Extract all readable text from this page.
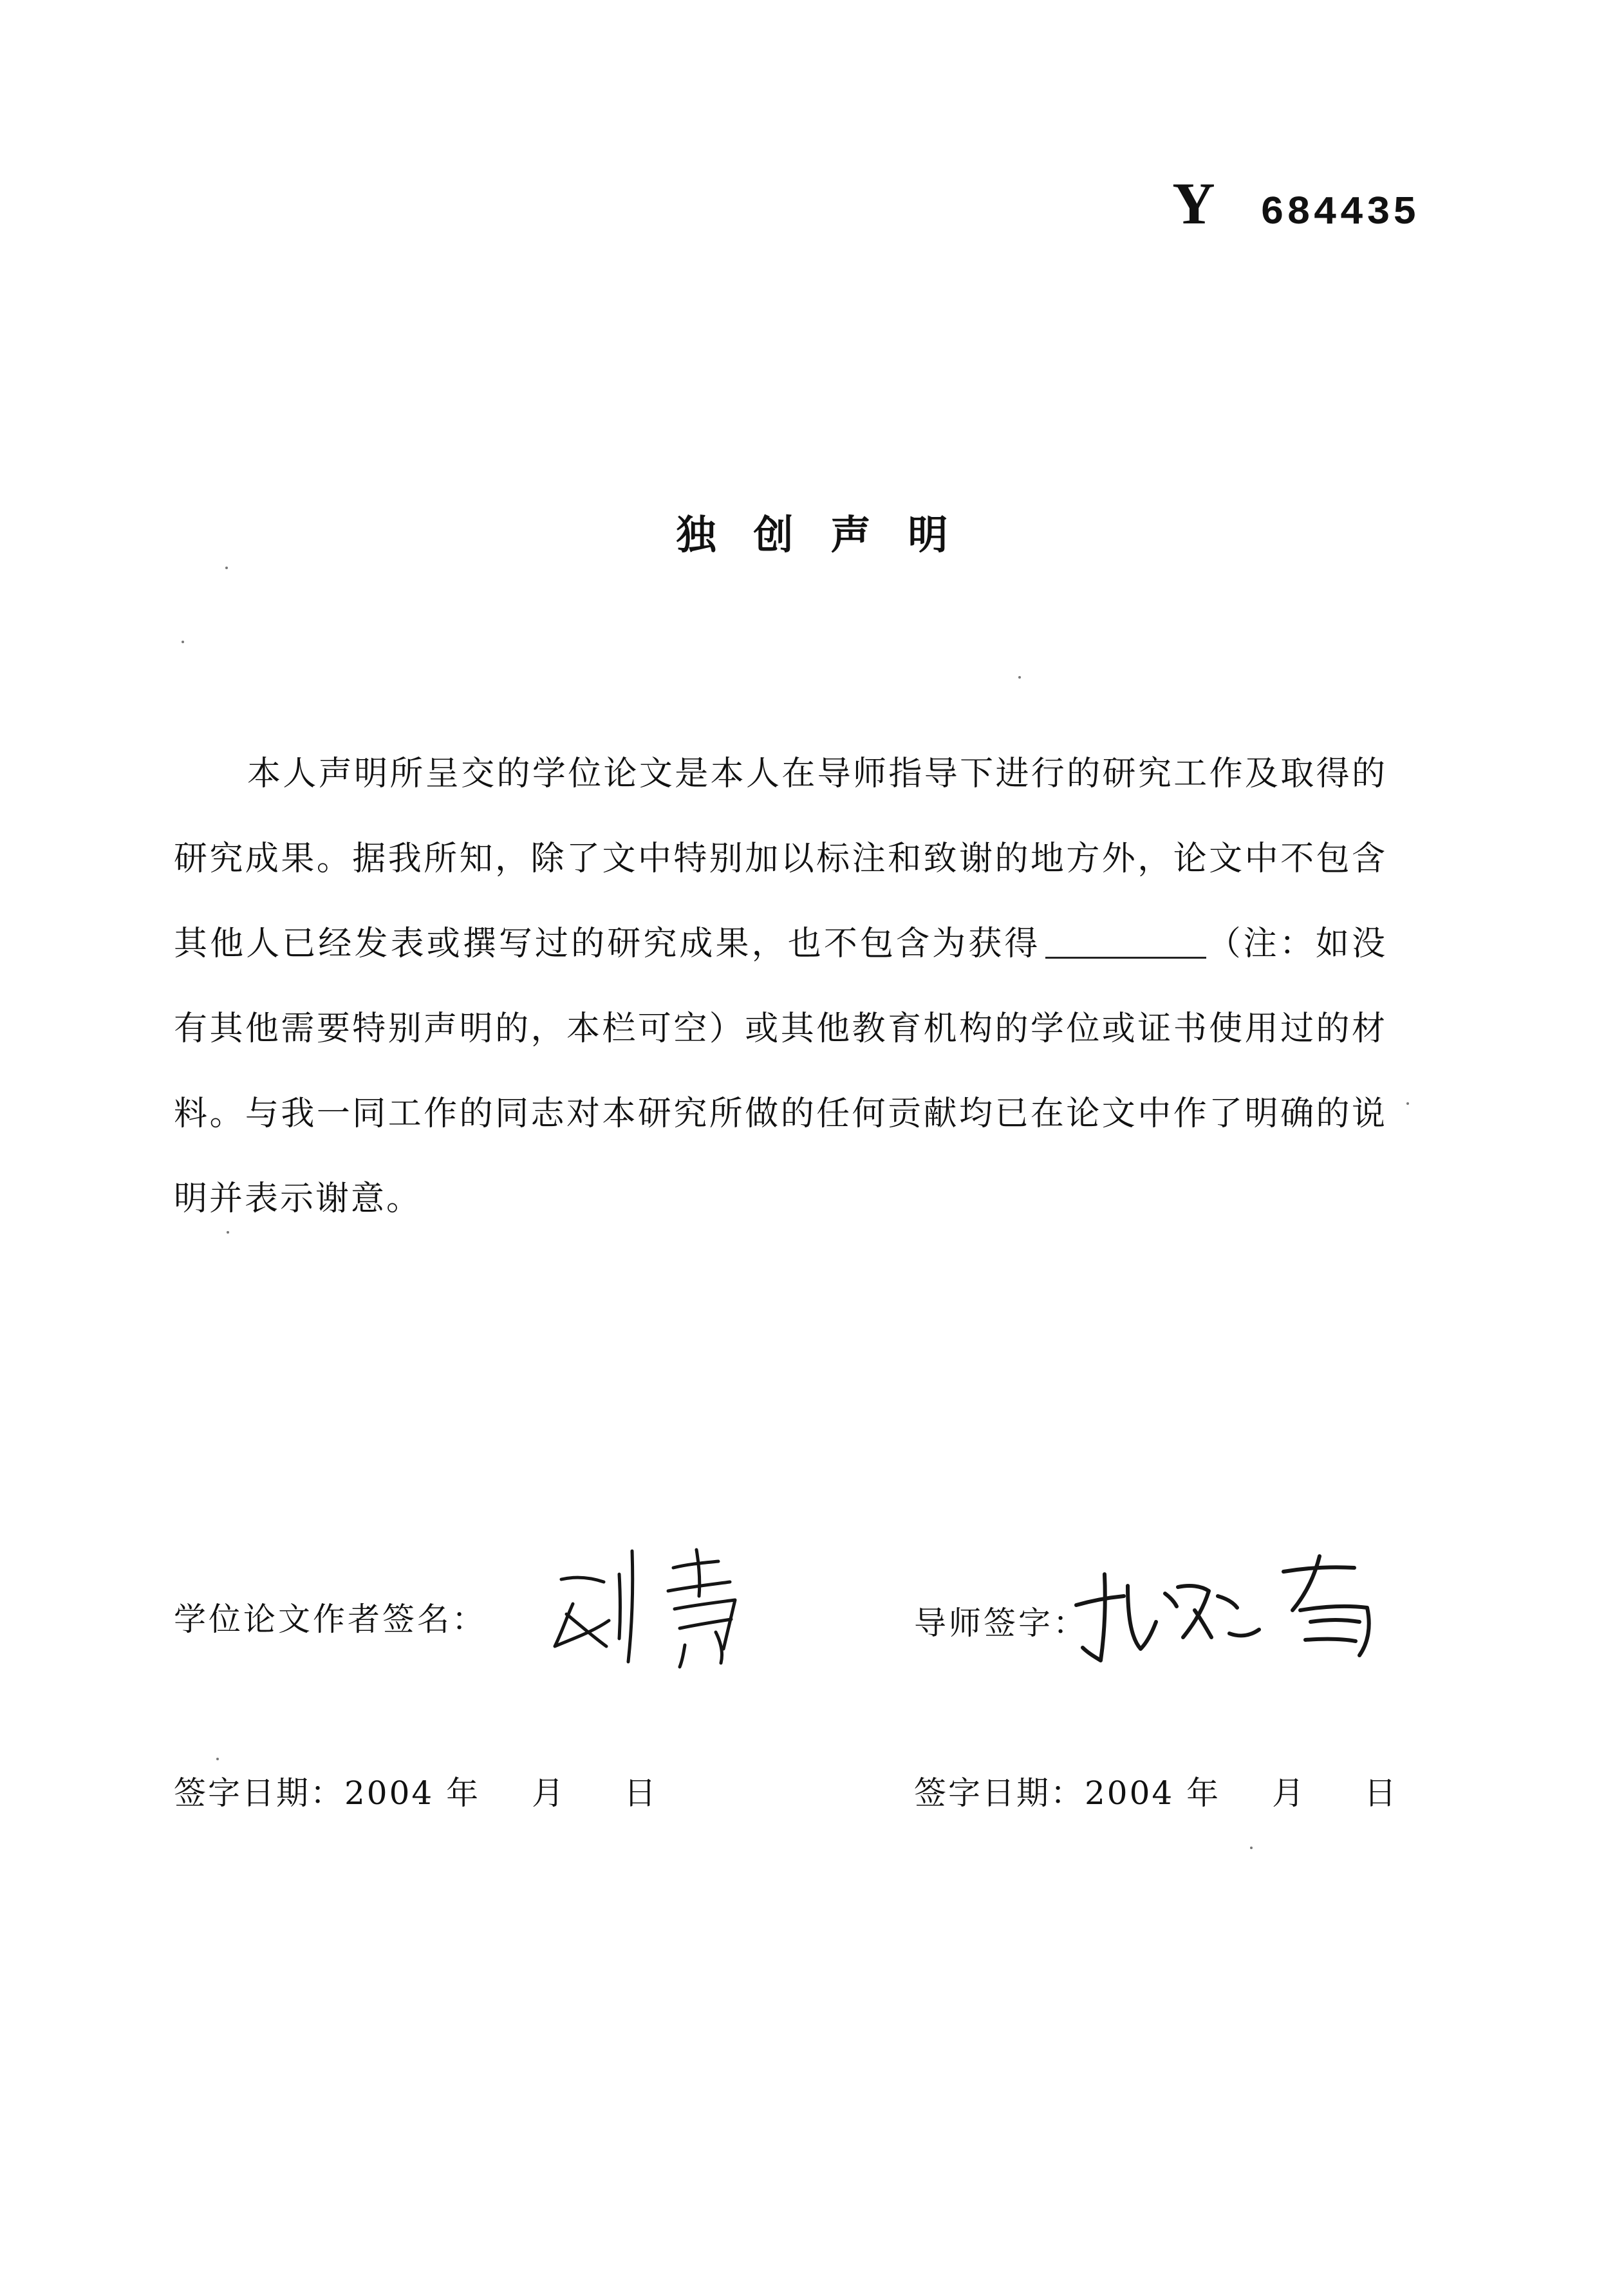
Y 684435
独创声明

本人声明所呈交的学位论文是本人在导师指导下进行的研究工作及取得的研究成果。据我所知，除了文中特别加以标注和致谢的地方外，论文中不包含其他人已经发表或撰写过的研究成果，也不包含为获得	（注：如没有其他需要特别声明的，本栏可空）或其他教育机构的学位或证书使用过的材料。与我一同工作的同志对本研究所做的任何贡献均已在论文中作了明确的说明并表示谢意。

学位论文作者签名：	导师签字：
签字日期：2004 年 月 日	签字日期：2004 年 月 日
